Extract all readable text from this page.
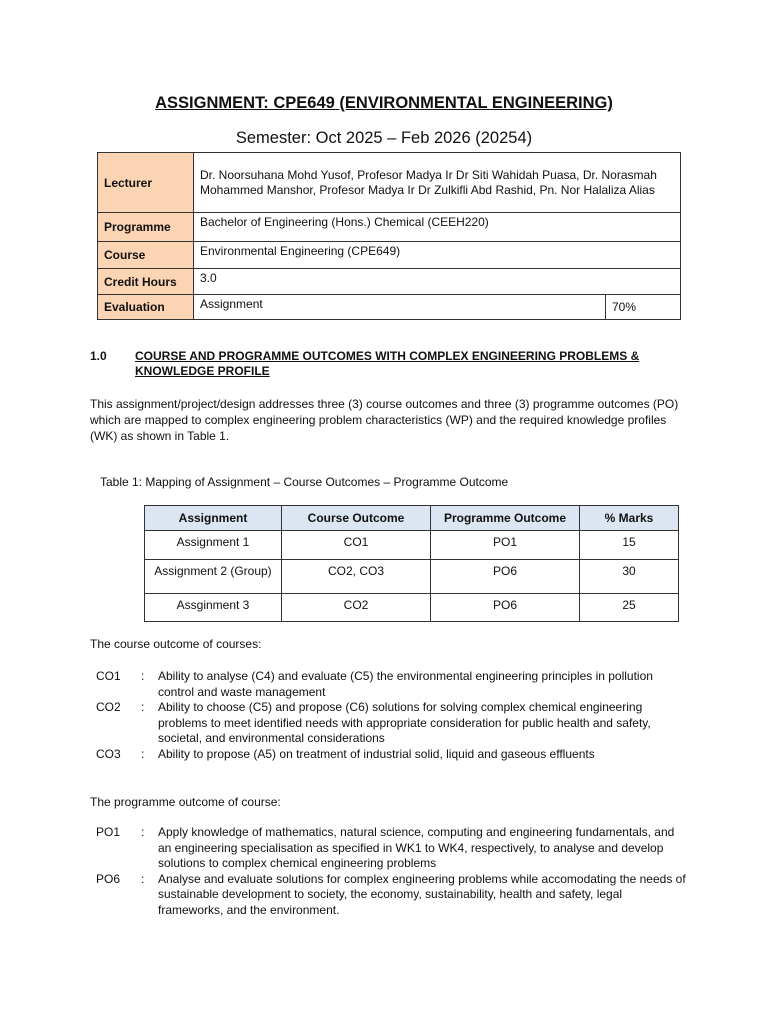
ASSIGNMENT: CPE649 (ENVIRONMENTAL ENGINEERING)
Semester: Oct 2025 – Feb 2026 (20254)
Lecturer	Dr. Noorsuhana Mohd Yusof, Profesor Madya Ir Dr Siti Wahidah Puasa, Dr. Norasmah Mohammed Manshor, Profesor Madya Ir Dr Zulkifli Abd Rashid, Pn. Nor Halaliza Alias	
Programme	Bachelor of Engineering (Hons.) Chemical (CEEH220)	
Course	Environmental Engineering (CPE649)	
Credit Hours	3.0	
Evaluation	Assignment	70%
1.0 COURSE AND PROGRAMME OUTCOMES WITH COMPLEX ENGINEERING PROBLEMS & KNOWLEDGE PROFILE
This assignment/project/design addresses three (3) course outcomes and three (3) programme outcomes (PO) which are mapped to complex engineering problem characteristics (WP) and the required knowledge profiles (WK) as shown in Table 1.
Table 1: Mapping of Assignment – Course Outcomes – Programme Outcome
Assignment	Course Outcome	Programme Outcome	% Marks
Assignment 1	CO1	PO1	15
Assignment 2 (Group)	CO2, CO3	PO6	30
Assginment 3	CO2	PO6	25
The course outcome of courses:
CO1	:	Ability to analyse (C4) and evaluate (C5) the environmental engineering principles in pollution control and waste management
CO2	:	Ability to choose (C5) and propose (C6) solutions for solving complex chemical engineering problems to meet identified needs with appropriate consideration for public health and safety, societal, and environmental considerations
CO3	:	Ability to propose (A5) on treatment of industrial solid, liquid and gaseous effluents
The programme outcome of course:
PO1	:	Apply knowledge of mathematics, natural science, computing and engineering fundamentals, and an engineering specialisation as specified in WK1 to WK4, respectively, to analyse and develop solutions to complex chemical engineering problems
PO6	:	Analyse and evaluate solutions for complex engineering problems while accomodating the needs of sustainable development to society, the economy, sustainability, health and safety, legal frameworks, and the environment.
